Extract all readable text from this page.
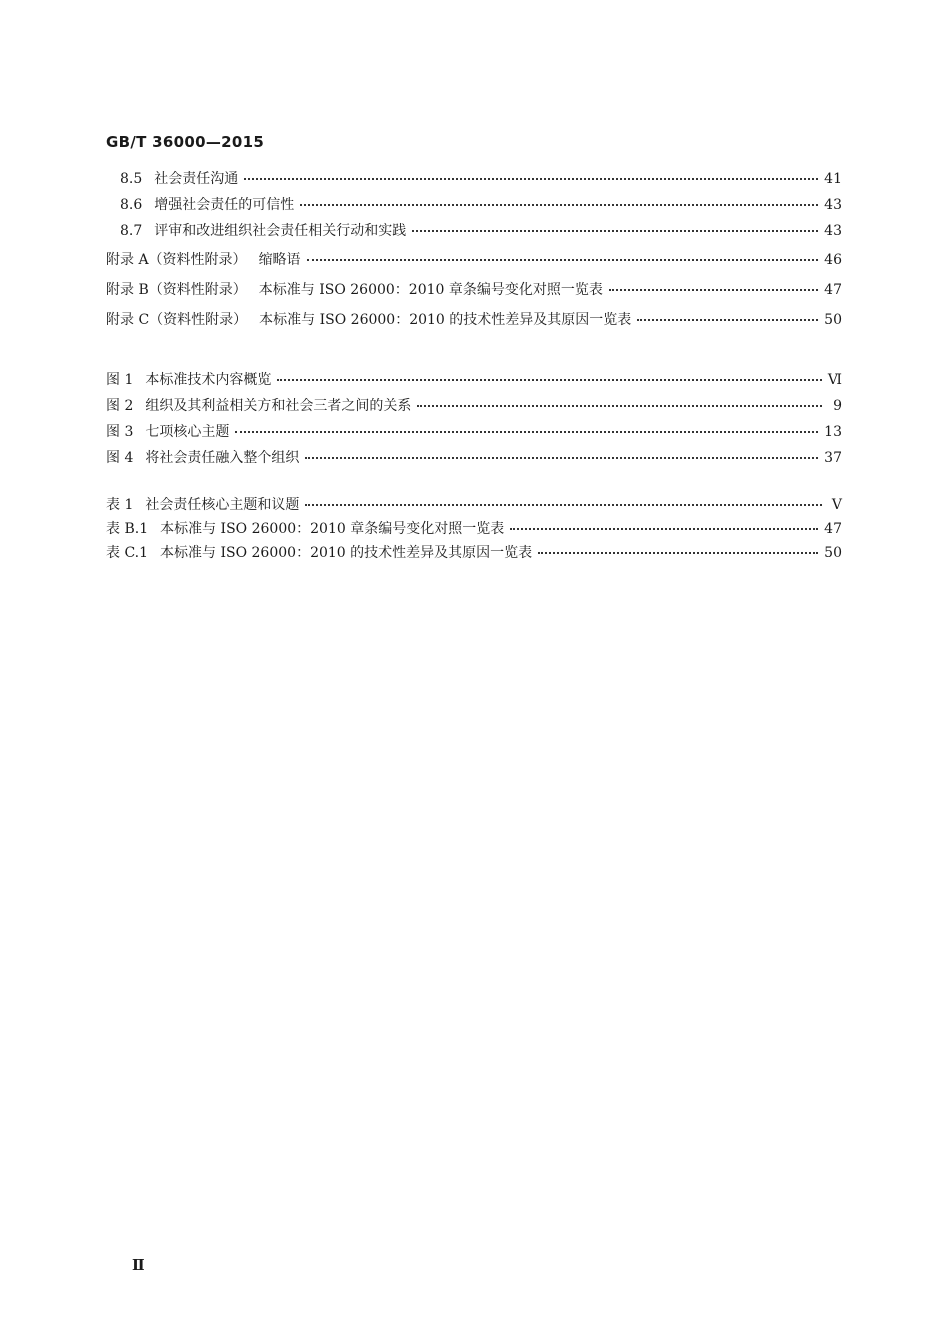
GB/T 36000—2015
8.5 社会责任沟通	41
8.6 增强社会责任的可信性	43
8.7 评审和改进组织社会责任相关行动和实践	43
附录 A（资料性附录） 缩略语	46
附录 B（资料性附录） 本标准与 ISO 26000：2010 章条编号变化对照一览表	47
附录 C（资料性附录） 本标准与 ISO 26000：2010 的技术性差异及其原因一览表	50
图 1 本标准技术内容概览	Ⅵ
图 2 组织及其利益相关方和社会三者之间的关系	9
图 3 七项核心主题	13
图 4 将社会责任融入整个组织	37
表 1 社会责任核心主题和议题	Ⅴ
表 B.1 本标准与 ISO 26000：2010 章条编号变化对照一览表	47
表 C.1 本标准与 ISO 26000：2010 的技术性差异及其原因一览表	50
Ⅱ
